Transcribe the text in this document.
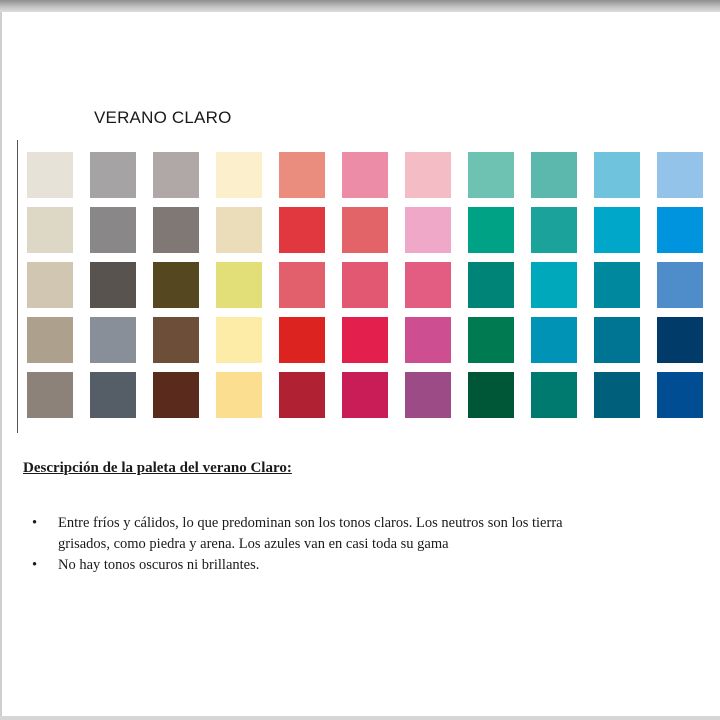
VERANO CLARO
Descripción de la paleta del verano Claro:
• Entre fríos y cálidos, lo que predominan son los tonos claros. Los neutros son los tierra
grisados, como piedra y arena. Los azules van en casi toda su gama
• No hay tonos oscuros ni brillantes.
